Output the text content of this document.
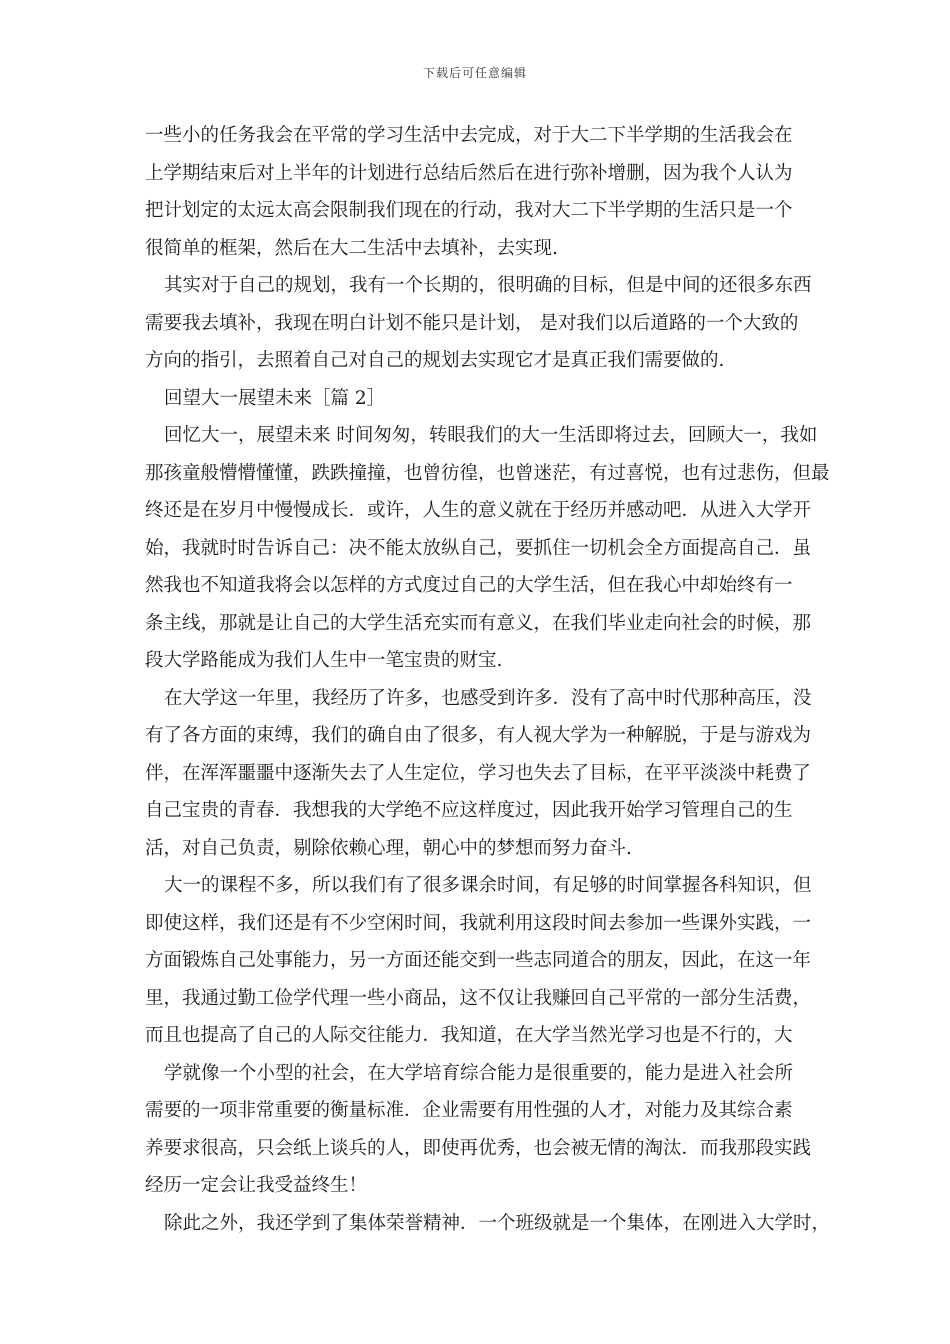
下载后可任意编辑
一些小的任务我会在平常的学习生活中去完成，对于大二下半学期的生活我会在
上学期结束后对上半年的计划进行总结后然后在进行弥补增删，因为我个人认为
把计划定的太远太高会限制我们现在的行动，我对大二下半学期的生活只是一个
很简单的框架，然后在大二生活中去填补，去实现.
其实对于自己的规划，我有一个长期的，很明确的目标，但是中间的还很多东西
需要我去填补，我现在明白计划不能只是计划， 是对我们以后道路的一个大致的
方向的指引，去照着自己对自己的规划去实现它才是真正我们需要做的.
回望大一展望未来［篇 2］
回忆大一，展望未来 时间匆匆，转眼我们的大一生活即将过去，回顾大一，我如
那孩童般懵懵懂懂，跌跌撞撞，也曾彷徨，也曾迷茫，有过喜悦，也有过悲伤，但最
终还是在岁月中慢慢成长．或许，人生的意义就在于经历并感动吧．从进入大学开
始，我就时时告诉自己：决不能太放纵自己，要抓住一切机会全方面提高自己．虽
然我也不知道我将会以怎样的方式度过自己的大学生活，但在我心中却始终有一
条主线，那就是让自己的大学生活充实而有意义，在我们毕业走向社会的时候，那
段大学路能成为我们人生中一笔宝贵的财宝.
在大学这一年里，我经历了许多，也感受到许多．没有了高中时代那种高压，没
有了各方面的束缚，我们的确自由了很多，有人视大学为一种解脱，于是与游戏为
伴，在浑浑噩噩中逐渐失去了人生定位，学习也失去了目标，在平平淡淡中耗费了
自己宝贵的青春．我想我的大学绝不应这样度过，因此我开始学习管理自己的生
活，对自己负责，剔除依赖心理，朝心中的梦想而努力奋斗.
大一的课程不多，所以我们有了很多课余时间，有足够的时间掌握各科知识，但
即使这样，我们还是有不少空闲时间，我就利用这段时间去参加一些课外实践，一
方面锻炼自己处事能力，另一方面还能交到一些志同道合的朋友，因此，在这一年
里，我通过勤工俭学代理一些小商品，这不仅让我赚回自己平常的一部分生活费，
而且也提高了自己的人际交往能力．我知道，在大学当然光学习也是不行的，大
学就像一个小型的社会，在大学培育综合能力是很重要的，能力是进入社会所
需要的一项非常重要的衡量标准．企业需要有用性强的人才，对能力及其综合素
养要求很高，只会纸上谈兵的人，即使再优秀，也会被无情的淘汰．而我那段实践
经历一定会让我受益终生！
除此之外，我还学到了集体荣誉精神．一个班级就是一个集体，在刚进入大学时，
